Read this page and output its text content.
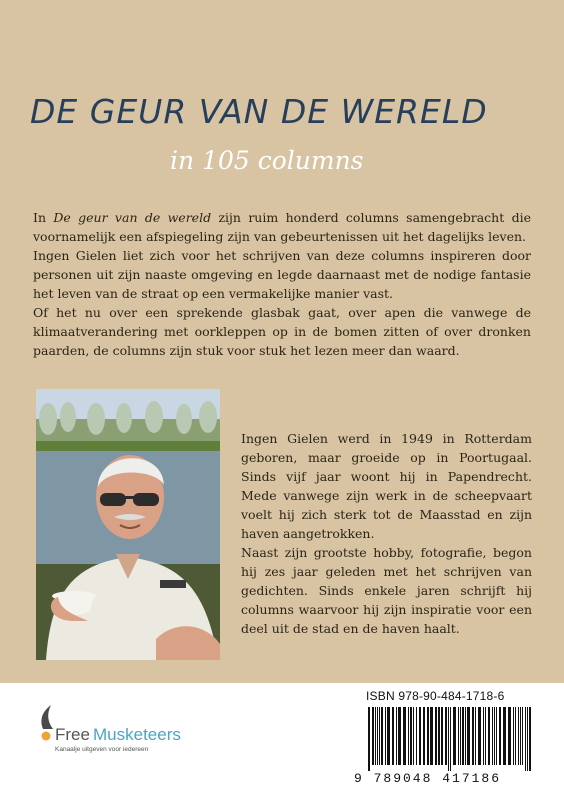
DE GEUR VAN DE WERELD
in 105 columns

In De geur van de wereld zijn ruim honderd columns samengebracht die voornamelijk een afspiegeling zijn van gebeurtenissen uit het dagelijks leven.

Ingen Gielen liet zich voor het schrijven van deze columns inspireren door personen uit zijn naaste omgeving en legde daarnaast met de nodige fantasie het leven van de straat op een vermakelijke manier vast.

Of het nu over een sprekende glasbak gaat, over apen die vanwege de klimaatverandering met oorkleppen op in de bomen zitten of over dronken paarden, de columns zijn stuk voor stuk het lezen meer dan waard.

Ingen Gielen werd in 1949 in Rotterdam geboren, maar groeide op in Poortugaal. Sinds vijf jaar woont hij in Papendrecht. Mede vanwege zijn werk in de scheepvaart voelt hij zich sterk tot de Maasstad en zijn haven aangetrokken.

Naast zijn grootste hobby, fotografie, begon hij zes jaar geleden met het schrijven van gedichten. Sinds enkele jaren schrijft hij columns waarvoor hij zijn inspiratie voor een deel uit de stad en de haven haalt.

Free Musketeers
Kanaalje uitgeven voor iedereen
ISBN 978-90-484-1718-6
9 789048 417186
